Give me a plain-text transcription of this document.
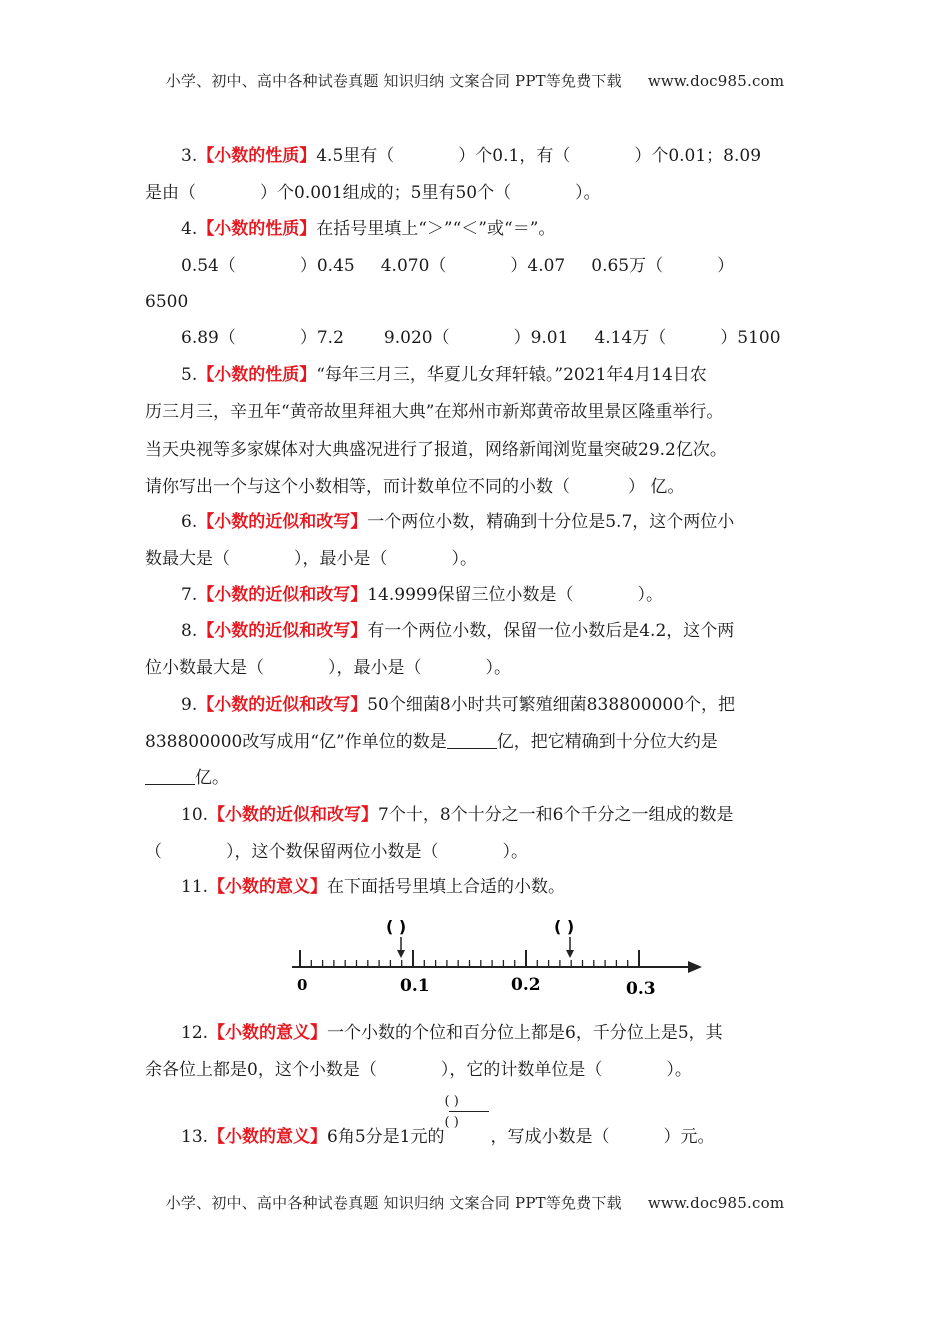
小学、初中、高中各种试卷真题 知识归纳 文案合同 PPT等免费下载 www.doc985.com
3.【小数的性质】4.5里有（	）个0.1，有（	）个0.01；8.09
是由（	）个0.001组成的；5里有50个（	）。
4.【小数的性质】在括号里填上“＞”“＜”或“＝”。
0.54（	）0.45 4.070（	）4.07 0.65万（	）
6500
6.89（	）7.2 9.020（	）9.01 4.14万（	）5100
5.【小数的性质】“每年三月三，华夏儿女拜轩辕。”2021年4月14日农
历三月三，辛丑年“黄帝故里拜祖大典”在郑州市新郑黄帝故里景区隆重举行。
当天央视等多家媒体对大典盛况进行了报道，网络新闻浏览量突破29.2亿次。
请你写出一个与这个小数相等，而计数单位不同的小数（	） 亿。
6.【小数的近似和改写】一个两位小数，精确到十分位是5.7，这个两位小
数最大是（	），最小是（	）。
7.【小数的近似和改写】14.9999保留三位小数是（	）。
8.【小数的近似和改写】有一个两位小数，保留一位小数后是4.2，这个两
位小数最大是（	），最小是（	）。
9.【小数的近似和改写】50个细菌8小时共可繁殖细菌838800000个，把
838800000改写成用“亿”作单位的数是	亿，把它精确到十分位大约是
亿。
10.【小数的近似和改写】7个十，8个十分之一和6个千分之一组成的数是
（	），这个数保留两位小数是（	）。
11.【小数的意义】在下面括号里填上合适的小数。
12.【小数的意义】一个小数的个位和百分位上都是6，千分位上是5，其
余各位上都是0，这个小数是（	），它的计数单位是（	）。
13.【小数的意义】6角5分是1元的 $\frac{( )}{( )}$ ，写成小数是（	）元。
( )	( )
0	0.1	0.2	0.3
小学、初中、高中各种试卷真题 知识归纳 文案合同 PPT等免费下载 www.doc985.com
